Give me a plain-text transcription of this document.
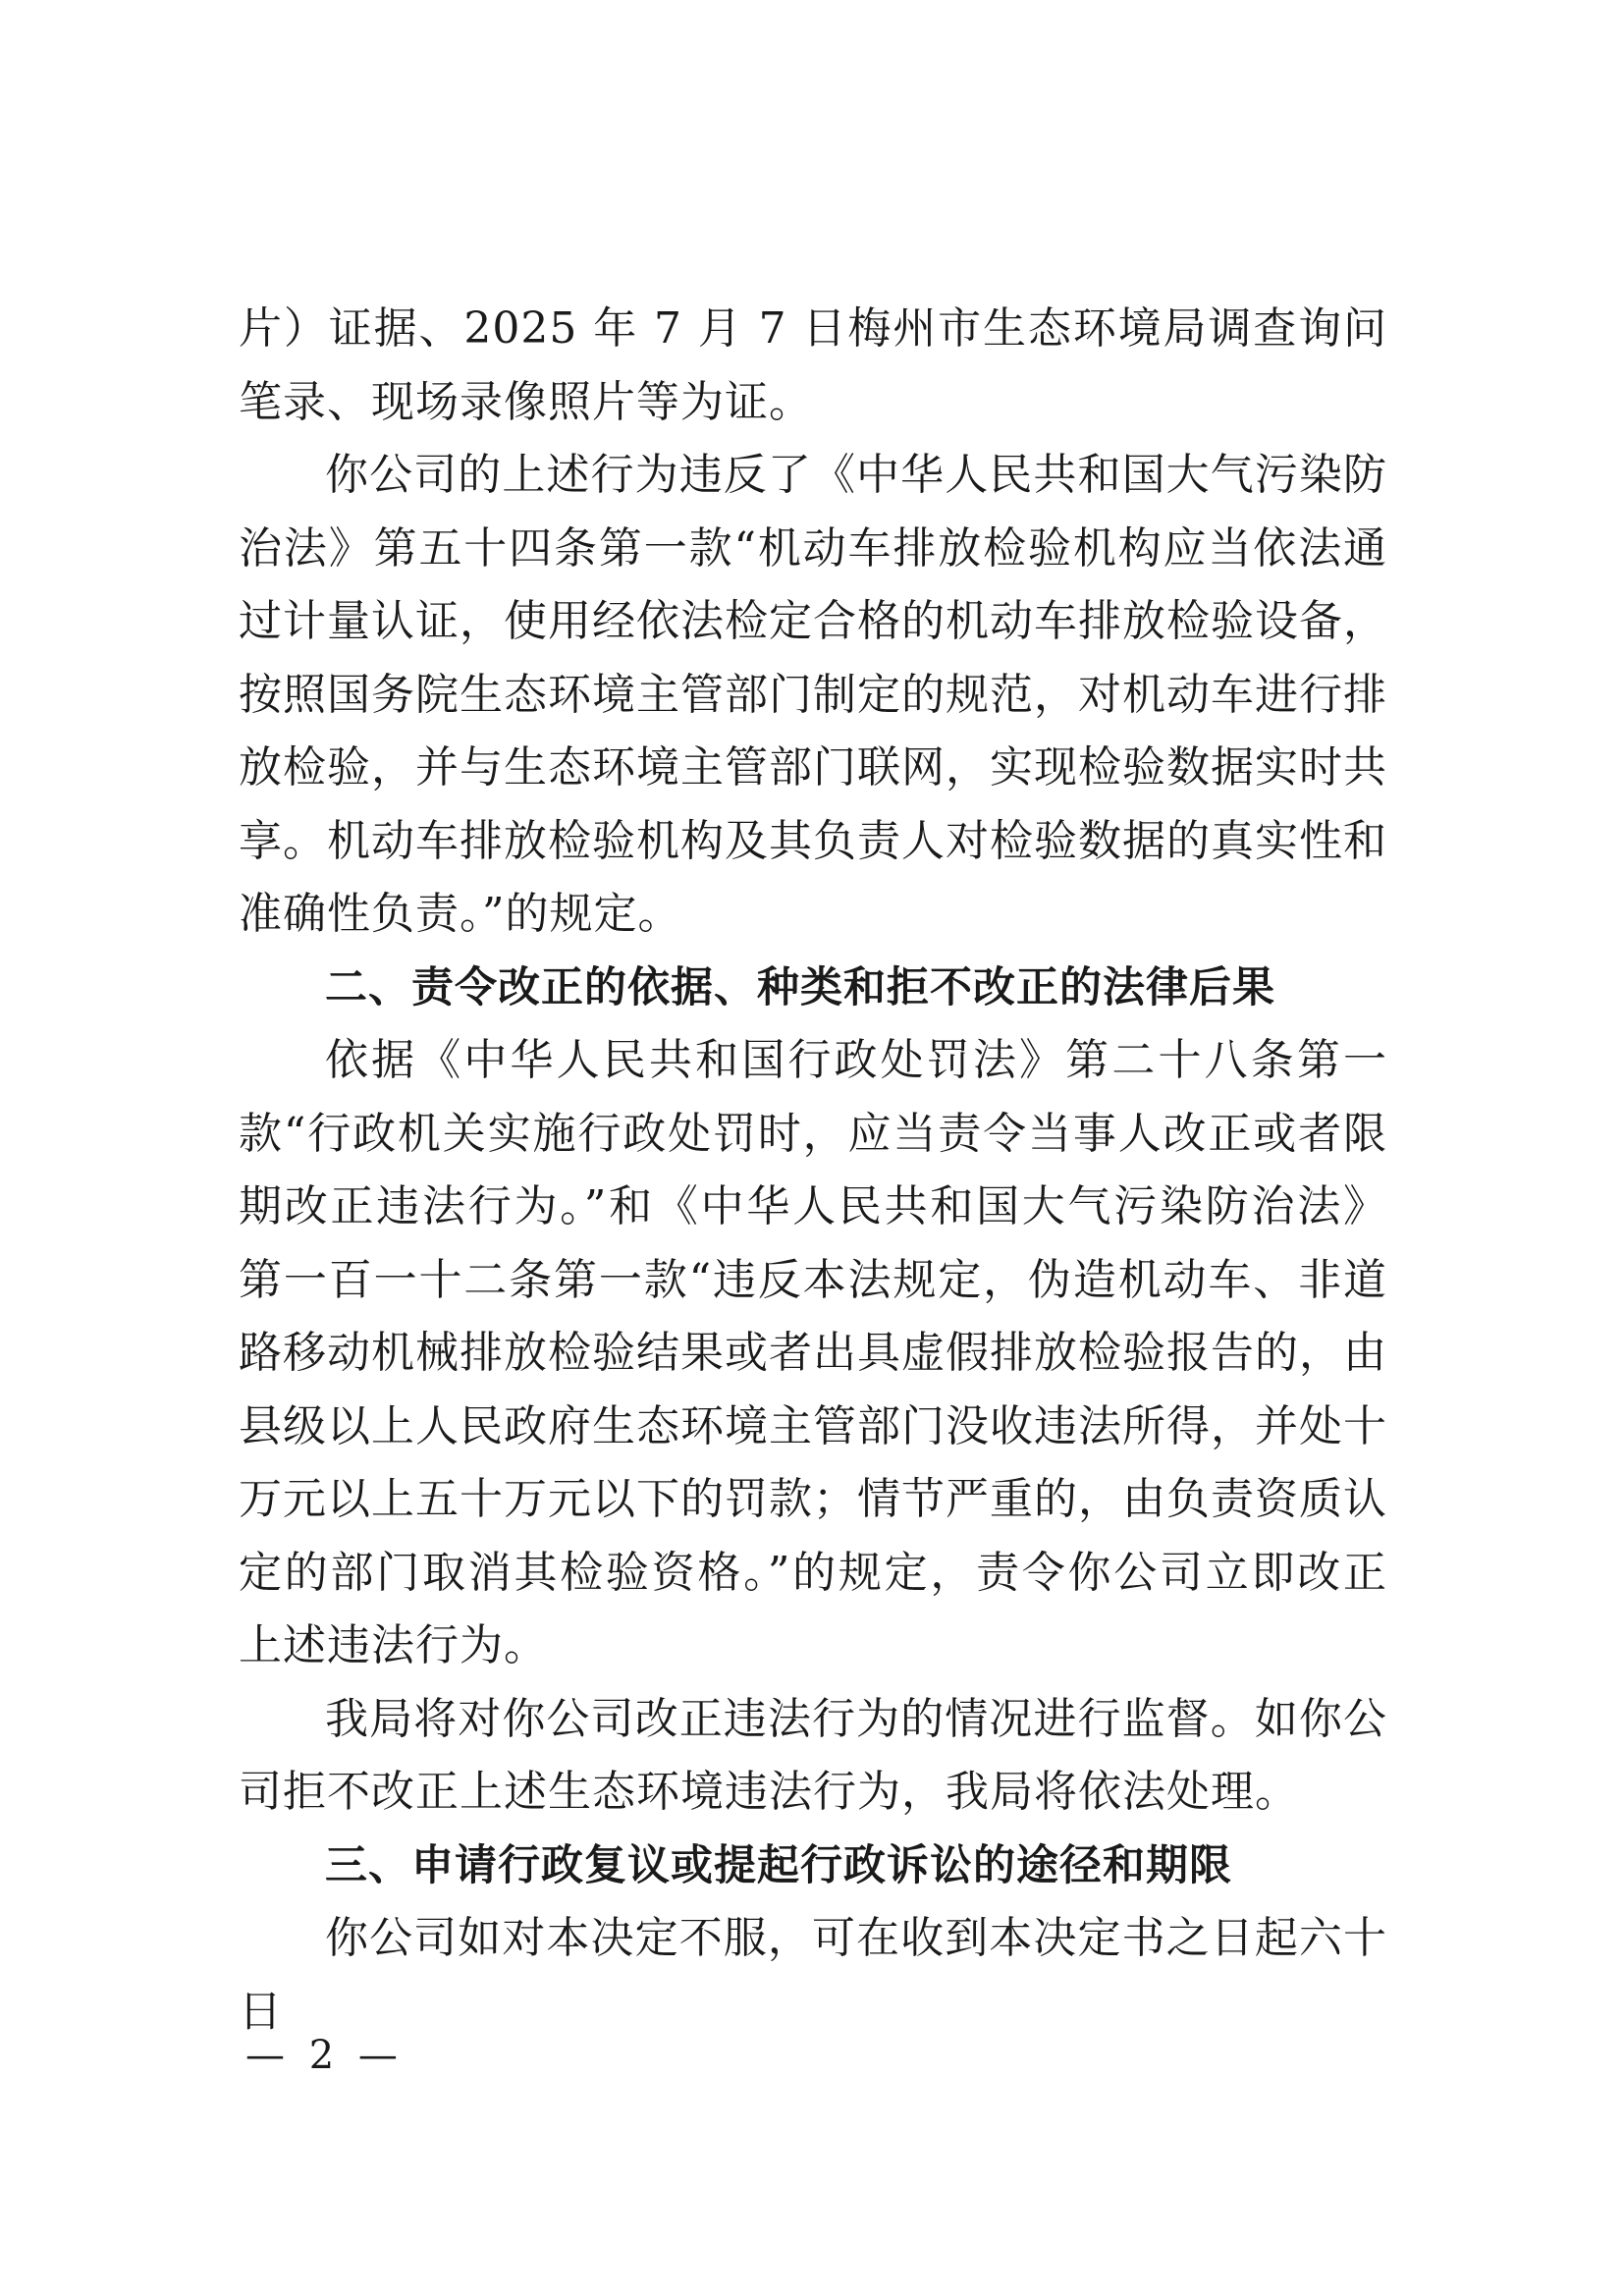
片）证据、2025 年 7 月 7 日梅州市生态环境局调查询问笔录、现场录像照片等为证。

你公司的上述行为违反了《中华人民共和国大气污染防治法》第五十四条第一款“机动车排放检验机构应当依法通过计量认证，使用经依法检定合格的机动车排放检验设备，按照国务院生态环境主管部门制定的规范，对机动车进行排放检验，并与生态环境主管部门联网，实现检验数据实时共享。机动车排放检验机构及其负责人对检验数据的真实性和准确性负责。”的规定。

二、责令改正的依据、种类和拒不改正的法律后果

依据《中华人民共和国行政处罚法》第二十八条第一款“行政机关实施行政处罚时，应当责令当事人改正或者限期改正违法行为。”和《中华人民共和国大气污染防治法》第一百一十二条第一款“违反本法规定，伪造机动车、非道路移动机械排放检验结果或者出具虚假排放检验报告的，由县级以上人民政府生态环境主管部门没收违法所得，并处十万元以上五十万元以下的罚款；情节严重的，由负责资质认定的部门取消其检验资格。”的规定，责令你公司立即改正上述违法行为。

我局将对你公司改正违法行为的情况进行监督。如你公司拒不改正上述生态环境违法行为，我局将依法处理。

三、申请行政复议或提起行政诉讼的途径和期限

你公司如对本决定不服，可在收到本决定书之日起六十日

— 2 —
